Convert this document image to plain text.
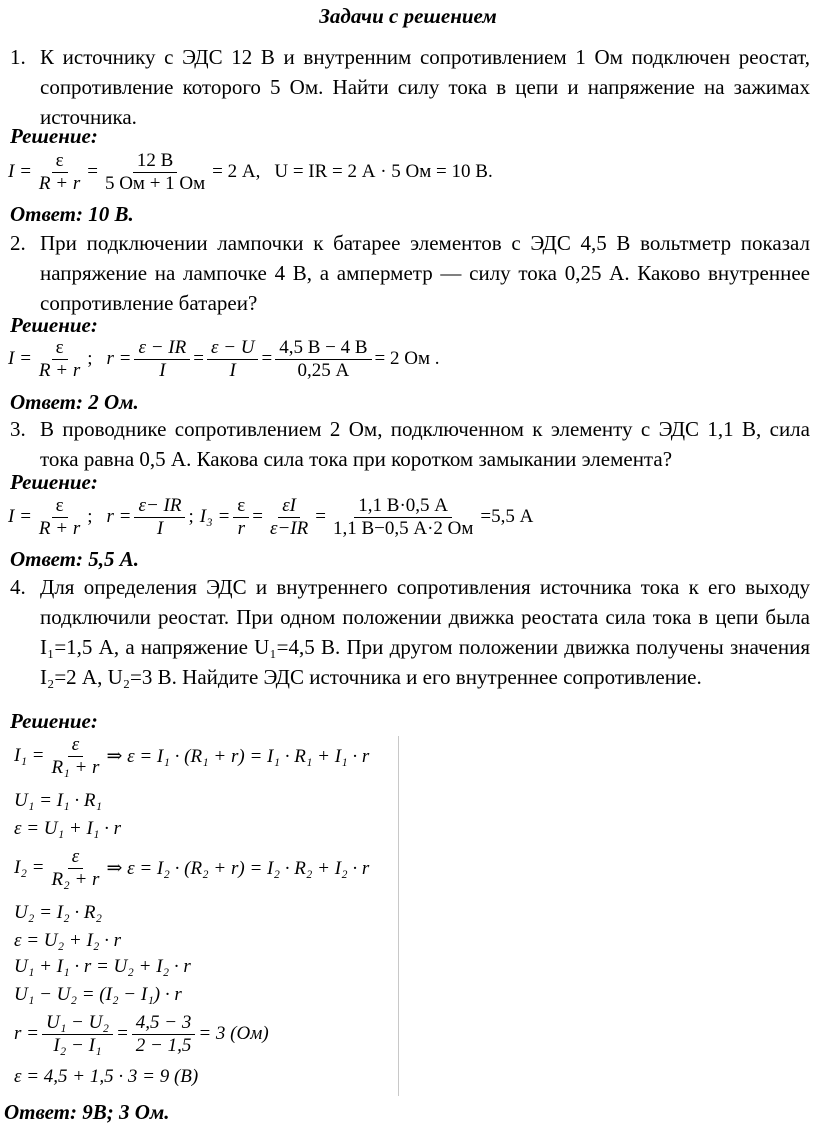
Задачи с решением
1. К источнику с ЭДС 12 В и внутренним сопротивлением 1 Ом подключен реостат, сопротивление которого 5 Ом. Найти силу тока в цепи и напряжение на зажимах источника.
Решение:
$I = \frac{\varepsilon}{R + r} = \frac{12 В}{5 Ом + 1 Ом} = 2$ А, U = IR = 2 А · 5 Ом = 10 В.
Ответ: 10 В.
2. При подключении лампочки к батарее элементов с ЭДС 4,5 В вольтметр показал напряжение на лампочке 4 В, а амперметр — силу тока 0,25 А. Каково внутреннее сопротивление батареи?
Решение:
$I = \frac{\varepsilon}{R + r}$ ; $r = \frac{\varepsilon - IR}{I} = \frac{\varepsilon - U}{I} = \frac{4,5 В - 4 В}{0,25 А} = 2$ Ом .
Ответ: 2 Ом.
3. В проводнике сопротивлением 2 Ом, подключенном к элементу с ЭДС 1,1 В, сила тока равна 0,5 А. Какова сила тока при коротком замыкании элемента?
Решение:
$I = \frac{\varepsilon}{R + r}$ ; $r = \frac{\varepsilon- IR}{I}$ ; $I_3 = \frac{\varepsilon}{r} = \frac{\varepsilon I}{\varepsilon-IR} = \frac{1,1 В\cdot 0,5 А}{1,1 В-0,5 А\cdot 2 Ом} =5,5$ А
Ответ: 5,5 А.
4. Для определения ЭДС и внутреннего сопротивления источника тока к его выходу подключили реостат. При одном положении движка реостата сила тока в цепи была I₁=1,5 А, а напряжение U₁=4,5 В. При другом положении движка получены значения I₂=2 А, U₂=3 В. Найдите ЭДС источника и его внутреннее сопротивление.
Решение:
$I_1 = \frac{\varepsilon}{\text{R₁ + r}}$ ⇒ ε = I₁ · (R₁ + r) = I₁ · R₁ + I₁ · r
U₁ = I₁ · R₁
ε = U₁ + I₁ · r
$I_2 = \frac{\varepsilon}{\text{R₂ + r}}$ ⇒ ε = I₂ · (R₂ + r) = I₂ · R₂ + I₂ · r
U₂ = I₂ · R₂
ε = U₂ + I₂ · r
U₁ + I₁ · r = U₂ + I₂ · r
U₁ − U₂ = (I₂ − I₁) · r
$r = \frac{\text{U₁ − U₂}}{\text{I₂ − I₁}} = \frac{4,5 - 3}{2 - 1,5} = 3$ (Ом)
ε = 4,5 + 1,5 · 3 = 9 (В)
Ответ: 9В; 3 Ом.
